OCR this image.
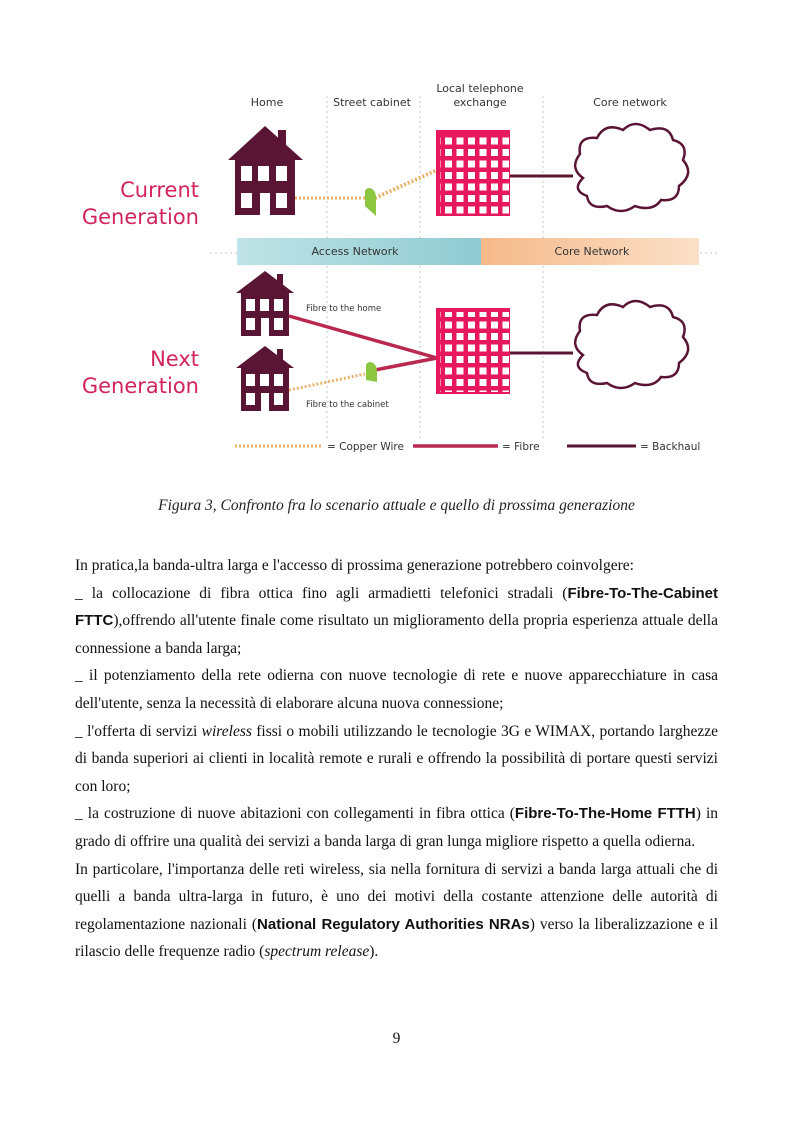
Home	Street cabinet
Local telephone
exchange	Core network
Current
Generation
Next
Generation
Access Network	Core Network
Fibre to the home
Fibre to the cabinet
= Copper Wire	= Fibre	= Backhaul
Figura 3, Confronto fra lo scenario attuale e quello di prossima generazione

In pratica,la banda-ultra larga e l'accesso di prossima generazione potrebbero coinvolgere:

_ la collocazione di fibra ottica fino agli armadietti telefonici stradali (Fibre-To-The-Cabinet FTTC),offrendo all'utente finale come risultato un miglioramento della propria esperienza attuale della connessione a banda larga;

_ il potenziamento della rete odierna con nuove tecnologie di rete e nuove apparecchiature in casa dell'utente, senza la necessità di elaborare alcuna nuova connessione;

_ l'offerta di servizi wireless fissi o mobili utilizzando le tecnologie 3G e WIMAX, portando larghezze di banda superiori ai clienti in località remote e rurali e offrendo la possibilità di portare questi servizi con loro;

_ la costruzione di nuove abitazioni con collegamenti in fibra ottica (Fibre-To-The-Home FTTH) in grado di offrire una qualità dei servizi a banda larga di gran lunga migliore rispetto a quella odierna.

In particolare, l'importanza delle reti wireless, sia nella fornitura di servizi a banda larga attuali che di quelli a banda ultra-larga in futuro, è uno dei motivi della costante attenzione delle autorità di regolamentazione nazionali (National Regulatory Authorities NRAs) verso la liberalizzazione e il rilascio delle frequenze radio (spectrum release).

9
